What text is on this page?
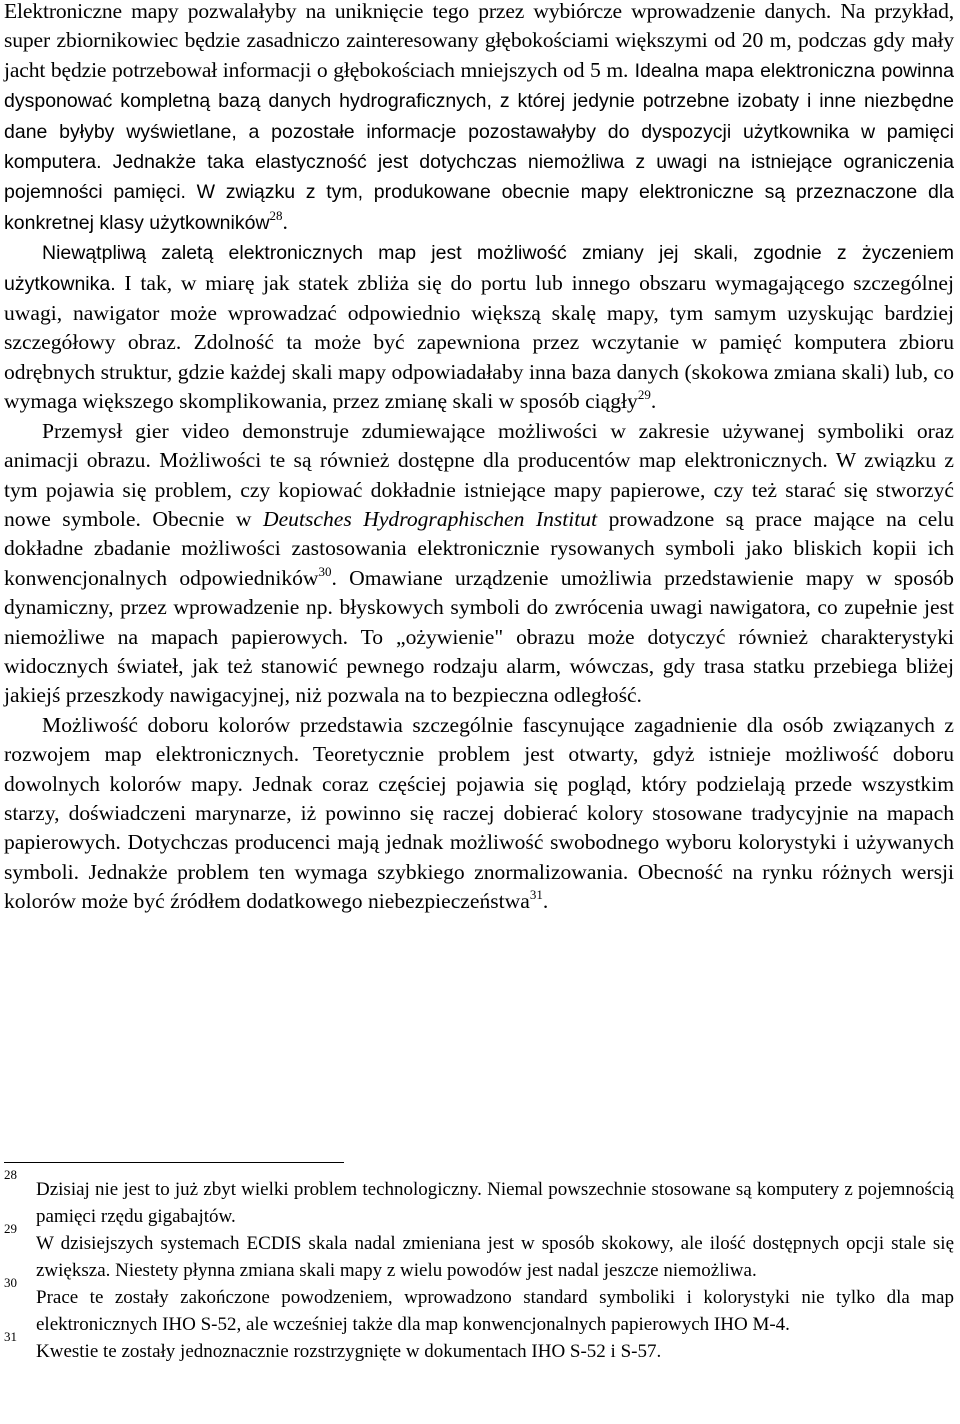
Elektroniczne mapy pozwalałyby na uniknięcie tego przez wybiórcze wprowadzenie danych. Na przykład, super zbiornikowiec będzie zasadniczo zainteresowany głębokościami większymi od 20 m, podczas gdy mały jacht będzie potrzebował informacji o głębokościach mniejszych od 5 m. Idealna mapa elektroniczna powinna dysponować kompletną bazą danych hydrograficznych, z której jedynie potrzebne izobaty i inne niezbędne dane byłyby wyświetlane, a pozostałe informacje pozostawałyby do dyspozycji użytkownika w pamięci komputera. Jednakże taka elastyczność jest dotychczas niemożliwa z uwagi na istniejące ograniczenia pojemności pamięci. W związku z tym, produkowane obecnie mapy elektroniczne są przeznaczone dla konkretnej klasy użytkowników$^{28}$.

Niewątpliwą zaletą elektronicznych map jest możliwość zmiany jej skali, zgodnie z życzeniem użytkownika. I tak, w miarę jak statek zbliża się do portu lub innego obszaru wymagającego szczególnej uwagi, nawigator może wprowadzać odpowiednio większą skalę mapy, tym samym uzyskując bardziej szczegółowy obraz. Zdolność ta może być zapewniona przez wczytanie w pamięć komputera zbioru odrębnych struktur, gdzie każdej skali mapy odpowiadałaby inna baza danych (skokowa zmiana skali) lub, co wymaga większego skomplikowania, przez zmianę skali w sposób ciągły$^{29}$.

Przemysł gier video demonstruje zdumiewające możliwości w zakresie używanej symboliki oraz animacji obrazu. Możliwości te są również dostępne dla producentów map elektronicznych. W związku z tym pojawia się problem, czy kopiować dokładnie istniejące mapy papierowe, czy też starać się stworzyć nowe symbole. Obecnie w Deutsches Hydrographischen Institut prowadzone są prace mające na celu dokładne zbadanie możliwości zastosowania elektronicznie rysowanych symboli jako bliskich kopii ich konwencjonalnych odpowiedników$^{30}$. Omawiane urządzenie umożliwia przedstawienie mapy w sposób dynamiczny, przez wprowadzenie np. błyskowych symboli do zwrócenia uwagi nawigatora, co zupełnie jest niemożliwe na mapach papierowych. To „ożywienie" obrazu może dotyczyć również charakterystyki widocznych świateł, jak też stanowić pewnego rodzaju alarm, wówczas, gdy trasa statku przebiega bliżej jakiejś przeszkody nawigacyjnej, niż pozwala na to bezpieczna odległość.

Możliwość doboru kolorów przedstawia szczególnie fascynujące zagadnienie dla osób związanych z rozwojem map elektronicznych. Teoretycznie problem jest otwarty, gdyż istnieje możliwość doboru dowolnych kolorów mapy. Jednak coraz częściej pojawia się pogląd, który podzielają przede wszystkim starzy, doświadczeni marynarze, iż powinno się raczej dobierać kolory stosowane tradycyjnie na mapach papierowych. Dotychczas producenci mają jednak możliwość swobodnego wyboru kolorystyki i używanych symboli. Jednakże problem ten wymaga szybkiego znormalizowania. Obecność na rynku różnych wersji kolorów może być źródłem dodatkowego niebezpieczeństwa$^{31}$.

28

Dzisiaj nie jest to już zbyt wielki problem technologiczny. Niemal powszechnie stosowane są komputery z pojemnością pamięci rzędu gigabajtów.

29

W dzisiejszych systemach ECDIS skala nadal zmieniana jest w sposób skokowy, ale ilość dostępnych opcji stale się zwiększa. Niestety płynna zmiana skali mapy z wielu powodów jest nadal jeszcze niemożliwa.

30

Prace te zostały zakończone powodzeniem, wprowadzono standard symboliki i kolorystyki nie tylko dla map elektronicznych IHO S-52, ale wcześniej także dla map konwencjonalnych papierowych IHO M-4.

31

Kwestie te zostały jednoznacznie rozstrzygnięte w dokumentach IHO S-52 i S-57.
